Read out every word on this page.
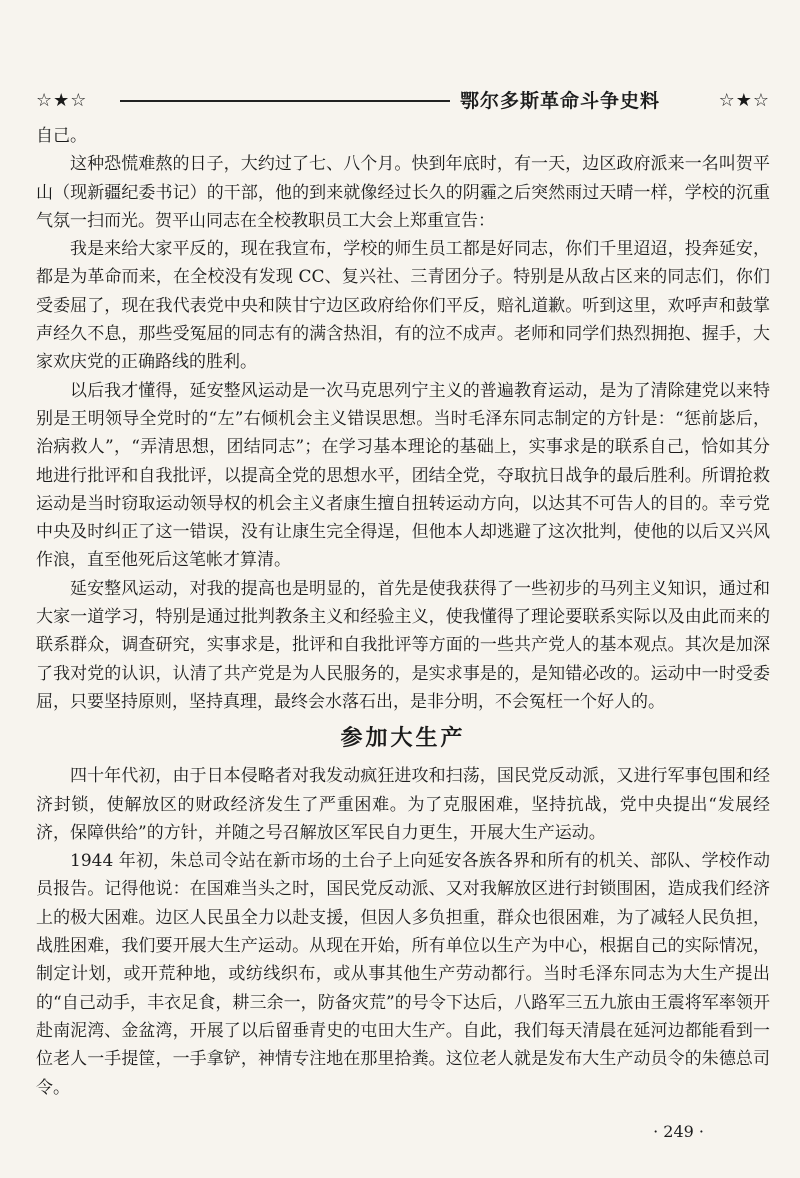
☆★☆	鄂尔多斯革命斗争史料	☆★☆

自己。

这种恐慌难熬的日子，大约过了七、八个月。快到年底时，有一天，边区政府派来一名叫贺平山（现新疆纪委书记）的干部，他的到来就像经过长久的阴霾之后突然雨过天晴一样，学校的沉重气氛一扫而光。贺平山同志在全校教职员工大会上郑重宣告：

我是来给大家平反的，现在我宣布，学校的师生员工都是好同志，你们千里迢迢，投奔延安，都是为革命而来，在全校没有发现 CC、复兴社、三青团分子。特别是从敌占区来的同志们，你们受委屈了，现在我代表党中央和陕甘宁边区政府给你们平反，赔礼道歉。听到这里，欢呼声和鼓掌声经久不息，那些受冤屈的同志有的满含热泪，有的泣不成声。老师和同学们热烈拥抱、握手，大家欢庆党的正确路线的胜利。

以后我才懂得，延安整风运动是一次马克思列宁主义的普遍教育运动，是为了清除建党以来特别是王明领导全党时的“左”右倾机会主义错误思想。当时毛泽东同志制定的方针是：“惩前毖后，治病救人”，“弄清思想，团结同志”；在学习基本理论的基础上，实事求是的联系自己，恰如其分地进行批评和自我批评，以提高全党的思想水平，团结全党，夺取抗日战争的最后胜利。所谓抢救运动是当时窃取运动领导权的机会主义者康生擅自扭转运动方向，以达其不可告人的目的。幸亏党中央及时纠正了这一错误，没有让康生完全得逞，但他本人却逃避了这次批判，使他的以后又兴风作浪，直至他死后这笔帐才算清。

延安整风运动，对我的提高也是明显的，首先是使我获得了一些初步的马列主义知识，通过和大家一道学习，特别是通过批判教条主义和经验主义，使我懂得了理论要联系实际以及由此而来的联系群众，调查研究，实事求是，批评和自我批评等方面的一些共产党人的基本观点。其次是加深了我对党的认识，认清了共产党是为人民服务的，是实求事是的，是知错必改的。运动中一时受委屈，只要坚持原则，坚持真理，最终会水落石出，是非分明，不会冤枉一个好人的。

参加大生产

四十年代初，由于日本侵略者对我发动疯狂进攻和扫荡，国民党反动派，又进行军事包围和经济封锁，使解放区的财政经济发生了严重困难。为了克服困难，坚持抗战，党中央提出“发展经济，保障供给”的方针，并随之号召解放区军民自力更生，开展大生产运动。

1944 年初，朱总司令站在新市场的土台子上向延安各族各界和所有的机关、部队、学校作动员报告。记得他说：在国难当头之时，国民党反动派、又对我解放区进行封锁围困，造成我们经济上的极大困难。边区人民虽全力以赴支援，但因人多负担重，群众也很困难，为了减轻人民负担，战胜困难，我们要开展大生产运动。从现在开始，所有单位以生产为中心，根据自己的实际情况，制定计划，或开荒种地，或纺线织布，或从事其他生产劳动都行。当时毛泽东同志为大生产提出的“自己动手，丰衣足食，耕三余一，防备灾荒”的号令下达后，八路军三五九旅由王震将军率领开赴南泥湾、金盆湾，开展了以后留垂青史的屯田大生产。自此，我们每天清晨在延河边都能看到一位老人一手提筐，一手拿铲，神情专注地在那里拾粪。这位老人就是发布大生产动员令的朱德总司令。

· 249 ·
